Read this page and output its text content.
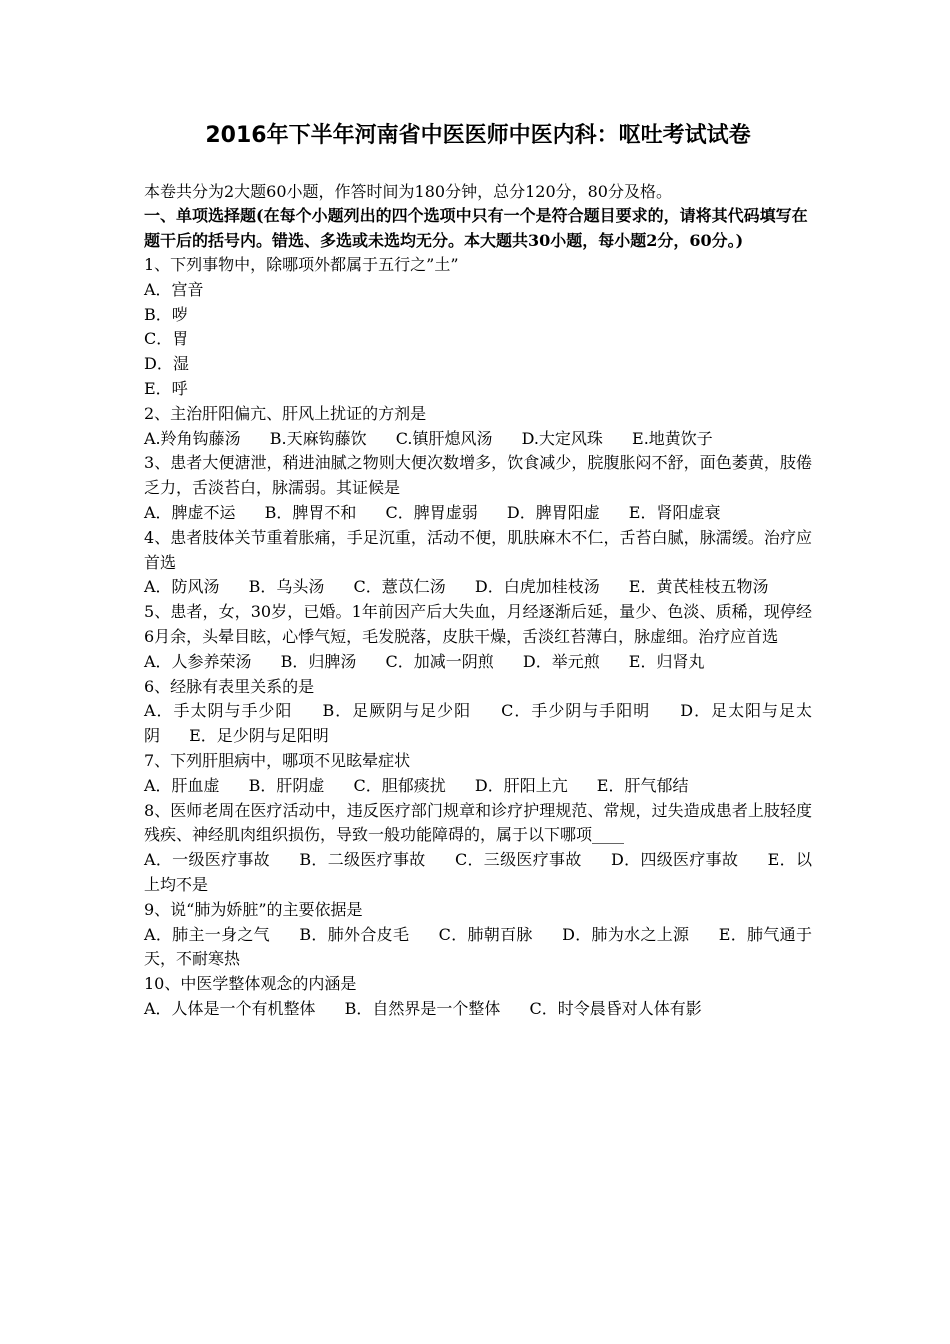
2016年下半年河南省中医医师中医内科：呕吐考试试卷

本卷共分为2大题60小题，作答时间为180分钟，总分120分，80分及格。

一、单项选择题(在每个小题列出的四个选项中只有一个是符合题目要求的，请将其代码填写在题干后的括号内。错选、多选或未选均无分。本大题共30小题，每小题2分，60分。)

1、下列事物中，除哪项外都属于五行之”土”

A．宫音

B．哕

C．胃

D．湿

E．呼

2、主治肝阳偏亢、肝风上扰证的方剂是

A.羚角钩藤汤 B.天麻钩藤饮 C.镇肝熄风汤 D.大定风珠 E.地黄饮子

3、患者大便溏泄，稍进油腻之物则大便次数增多，饮食减少，脘腹胀闷不舒，面色萎黄，肢倦乏力，舌淡苔白，脉濡弱。其证候是

A．脾虚不运 B．脾胃不和 C．脾胃虚弱 D．脾胃阳虚 E．肾阳虚衰

4、患者肢体关节重着胀痛，手足沉重，活动不便，肌肤麻木不仁，舌苔白腻，脉濡缓。治疗应首选

A．防风汤 B．乌头汤 C．薏苡仁汤 D．白虎加桂枝汤 E．黄芪桂枝五物汤

5、患者，女，30岁，已婚。1年前因产后大失血，月经逐渐后延，量少、色淡、质稀，现停经6月余，头晕目眩，心悸气短，毛发脱落，皮肤干燥，舌淡红苔薄白，脉虚细。治疗应首选

A．人参养荣汤 B．归脾汤 C．加减一阴煎 D．举元煎 E．归肾丸

6、经脉有表里关系的是

A．手太阴与手少阳 B．足厥阴与足少阳 C．手少阴与手阳明 D．足太阳与足太阴 E．足少阴与足阳明

7、下列肝胆病中，哪项不见眩晕症状

A．肝血虚 B．肝阴虚 C．胆郁痰扰 D．肝阳上亢 E．肝气郁结

8、医师老周在医疗活动中，违反医疗部门规章和诊疗护理规范、常规，过失造成患者上肢轻度残疾、神经肌肉组织损伤，导致一般功能障碍的，属于以下哪项____

A．一级医疗事故 B．二级医疗事故 C．三级医疗事故 D．四级医疗事故 E．以上均不是

9、说“肺为娇脏”的主要依据是

A．肺主一身之气 B．肺外合皮毛 C．肺朝百脉 D．肺为水之上源 E．肺气通于天，不耐寒热

10、中医学整体观念的内涵是

A．人体是一个有机整体 B．自然界是一个整体 C．时令晨昏对人体有影
